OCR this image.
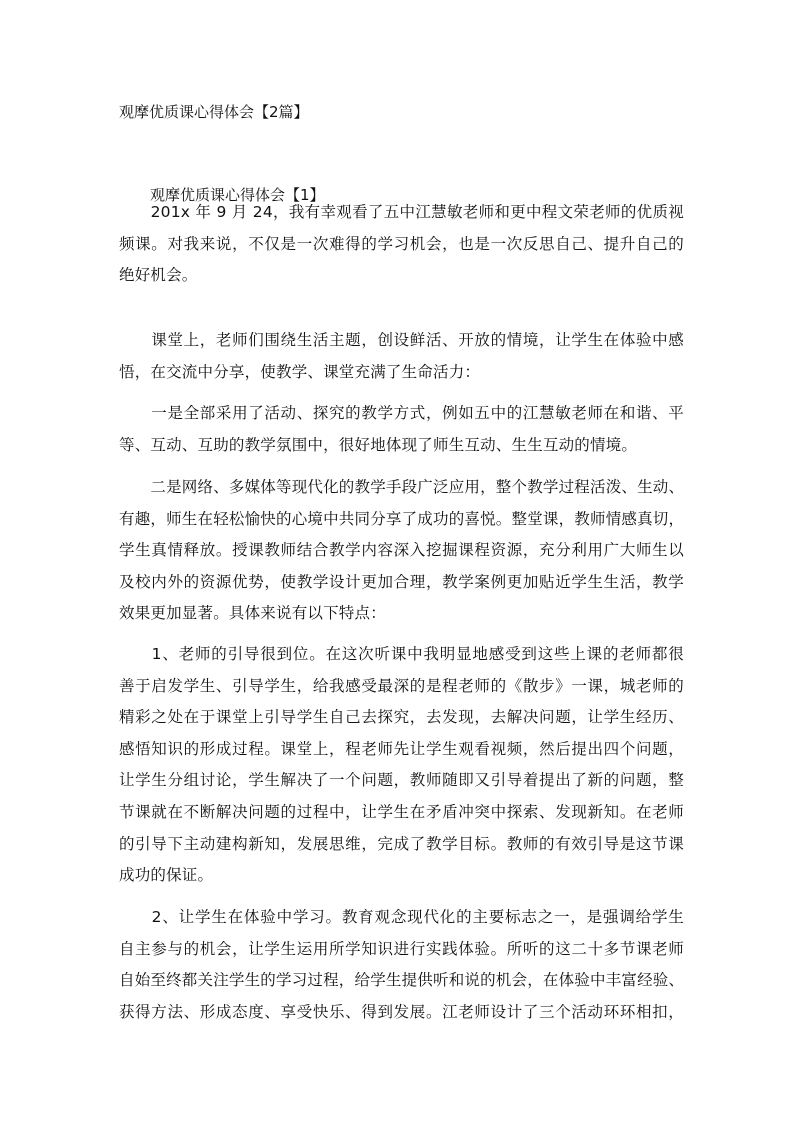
观摩优质课心得体会【2篇】
观摩优质课心得体会【1】
　　201x 年 9 月 24，我有幸观看了五中江慧敏老师和更中程文荣老师的优质视
频课。对我来说，不仅是一次难得的学习机会，也是一次反思自己、提升自己的
绝好机会。
　　课堂上，老师们围绕生活主题，创设鲜活、开放的情境，让学生在体验中感
悟，在交流中分享，使教学、课堂充满了生命活力：
　　一是全部采用了活动、探究的教学方式，例如五中的江慧敏老师在和谐、平
等、互动、互助的教学氛围中，很好地体现了师生互动、生生互动的情境。
　　二是网络、多媒体等现代化的教学手段广泛应用，整个教学过程活泼、生动、
有趣，师生在轻松愉快的心境中共同分享了成功的喜悦。整堂课，教师情感真切，
学生真情释放。授课教师结合教学内容深入挖掘课程资源，充分利用广大师生以
及校内外的资源优势，使教学设计更加合理，教学案例更加贴近学生生活，教学
效果更加显著。具体来说有以下特点：
　　1、老师的引导很到位。在这次听课中我明显地感受到这些上课的老师都很
善于启发学生、引导学生，给我感受最深的是程老师的《散步》一课，城老师的
精彩之处在于课堂上引导学生自己去探究，去发现，去解决问题，让学生经历、
感悟知识的形成过程。课堂上，程老师先让学生观看视频，然后提出四个问题，
让学生分组讨论，学生解决了一个问题，教师随即又引导着提出了新的问题，整
节课就在不断解决问题的过程中，让学生在矛盾冲突中探索、发现新知。在老师
的引导下主动建构新知，发展思维，完成了教学目标。教师的有效引导是这节课
成功的保证。
　　2、让学生在体验中学习。教育观念现代化的主要标志之一，是强调给学生
自主参与的机会，让学生运用所学知识进行实践体验。所听的这二十多节课老师
自始至终都关注学生的学习过程，给学生提供听和说的机会，在体验中丰富经验、
获得方法、形成态度、享受快乐、得到发展。江老师设计了三个活动环环相扣，
